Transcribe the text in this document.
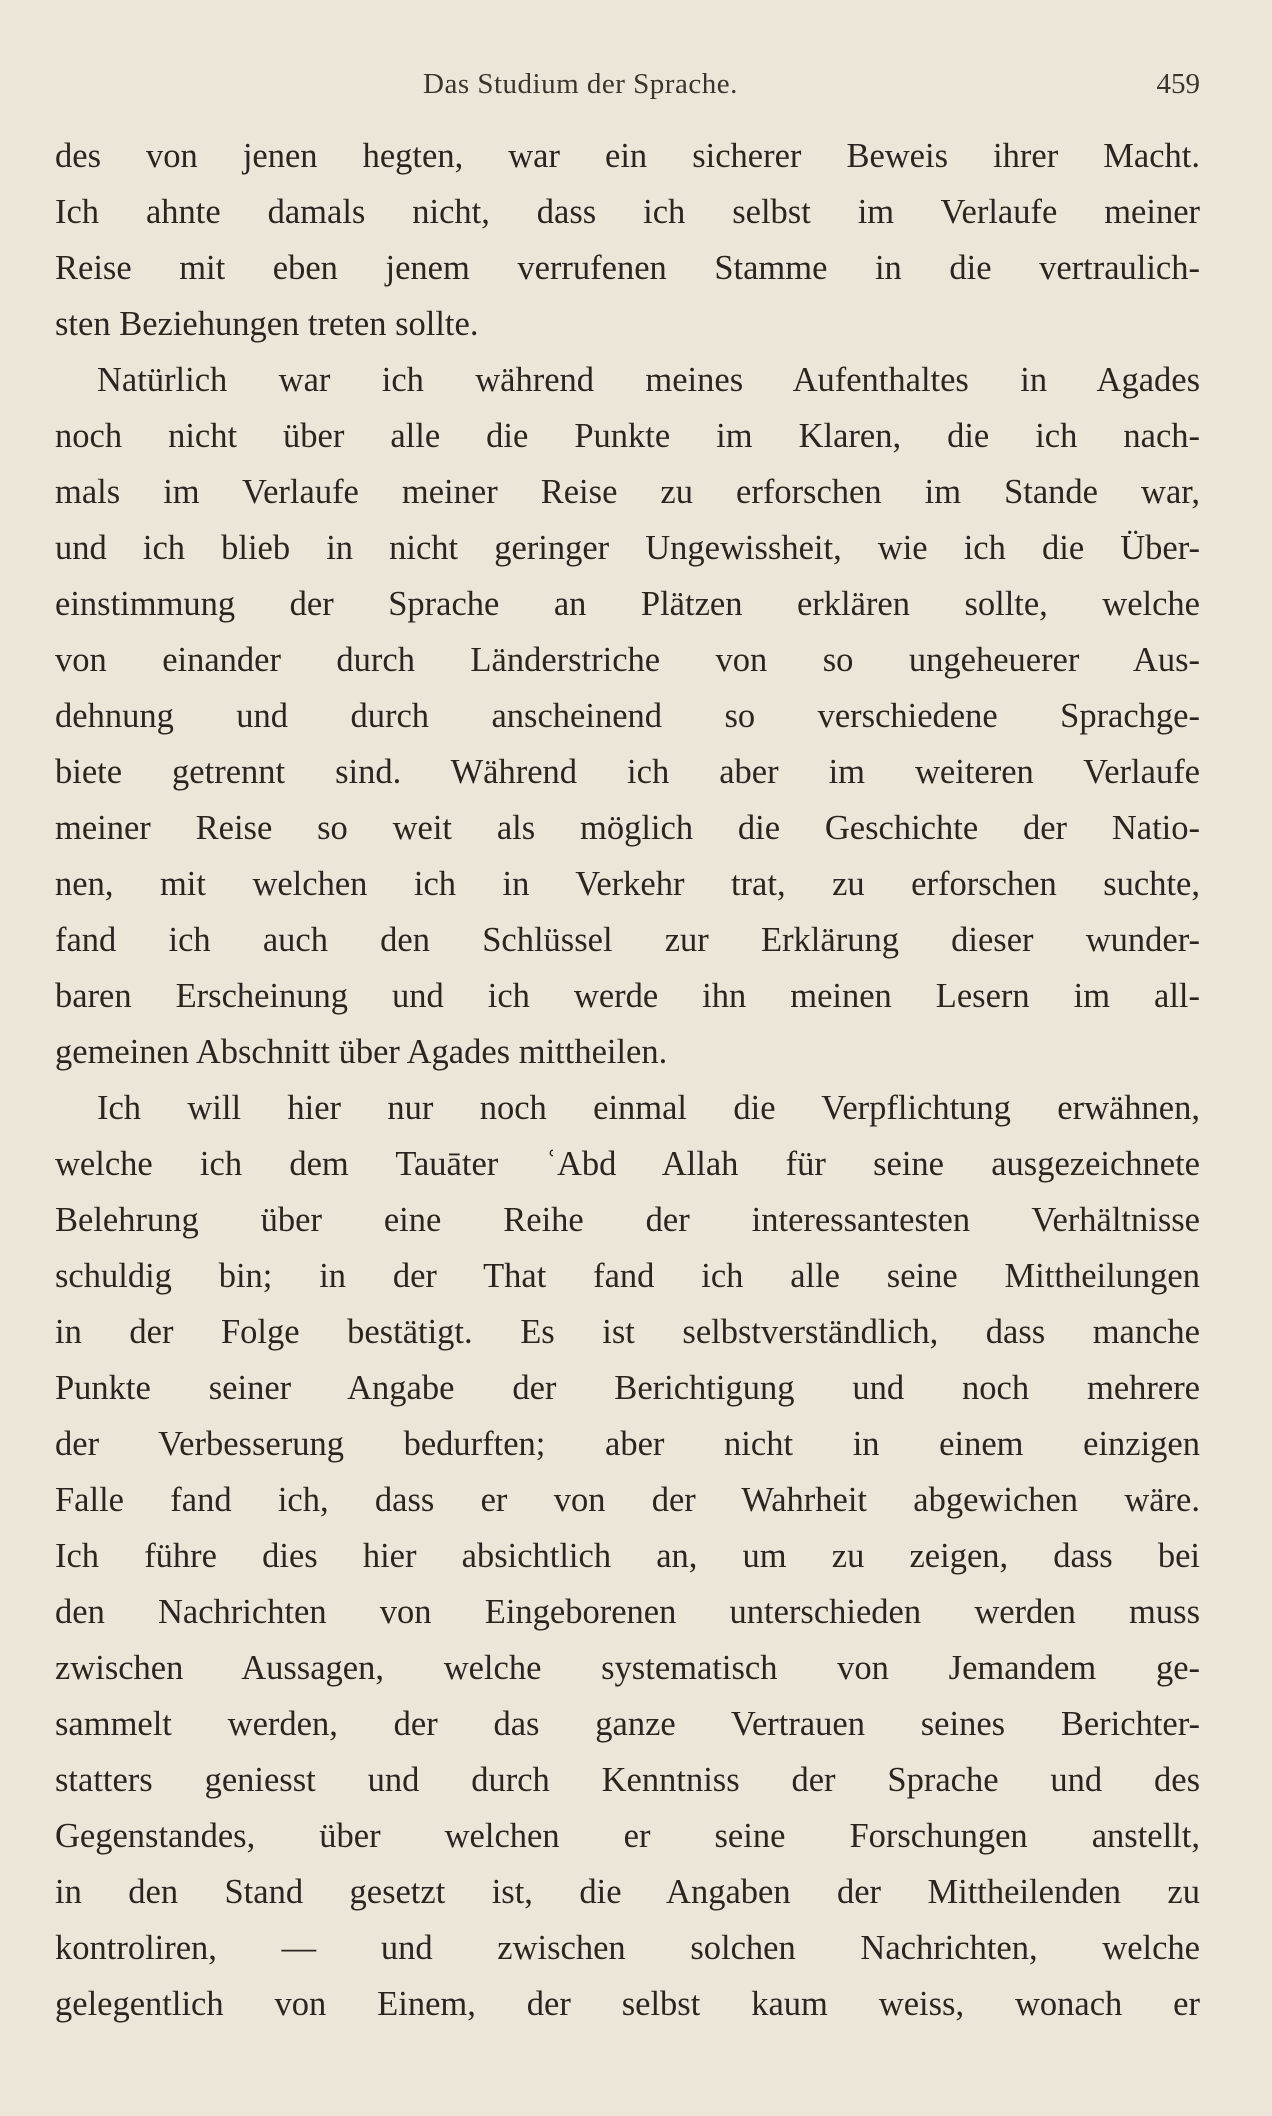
Das Studium der Sprache.	459
des von jenen hegten, war ein sicherer Beweis ihrer Macht.
Ich ahnte damals nicht, dass ich selbst im Verlaufe meiner
Reise mit eben jenem verrufenen Stamme in die vertraulich-
sten Beziehungen treten sollte.
Natürlich war ich während meines Aufenthaltes in Agades
noch nicht über alle die Punkte im Klaren, die ich nach-
mals im Verlaufe meiner Reise zu erforschen im Stande war,
und ich blieb in nicht geringer Ungewissheit, wie ich die Über-
einstimmung der Sprache an Plätzen erklären sollte, welche
von einander durch Länderstriche von so ungeheuerer Aus-
dehnung und durch anscheinend so verschiedene Sprachge-
biete getrennt sind. Während ich aber im weiteren Verlaufe
meiner Reise so weit als möglich die Geschichte der Natio-
nen, mit welchen ich in Verkehr trat, zu erforschen suchte,
fand ich auch den Schlüssel zur Erklärung dieser wunder-
baren Erscheinung und ich werde ihn meinen Lesern im all-
gemeinen Abschnitt über Agades mittheilen.
Ich will hier nur noch einmal die Verpflichtung erwähnen,
welche ich dem Tauāter ʿAbd Allah für seine ausgezeichnete
Belehrung über eine Reihe der interessantesten Verhältnisse
schuldig bin; in der That fand ich alle seine Mittheilungen
in der Folge bestätigt. Es ist selbstverständlich, dass manche
Punkte seiner Angabe der Berichtigung und noch mehrere
der Verbesserung bedurften; aber nicht in einem einzigen
Falle fand ich, dass er von der Wahrheit abgewichen wäre.
Ich führe dies hier absichtlich an, um zu zeigen, dass bei
den Nachrichten von Eingeborenen unterschieden werden muss
zwischen Aussagen, welche systematisch von Jemandem ge-
sammelt werden, der das ganze Vertrauen seines Berichter-
statters geniesst und durch Kenntniss der Sprache und des
Gegenstandes, über welchen er seine Forschungen anstellt,
in den Stand gesetzt ist, die Angaben der Mittheilenden zu
kontroliren, — und zwischen solchen Nachrichten, welche
gelegentlich von Einem, der selbst kaum weiss, wonach er
